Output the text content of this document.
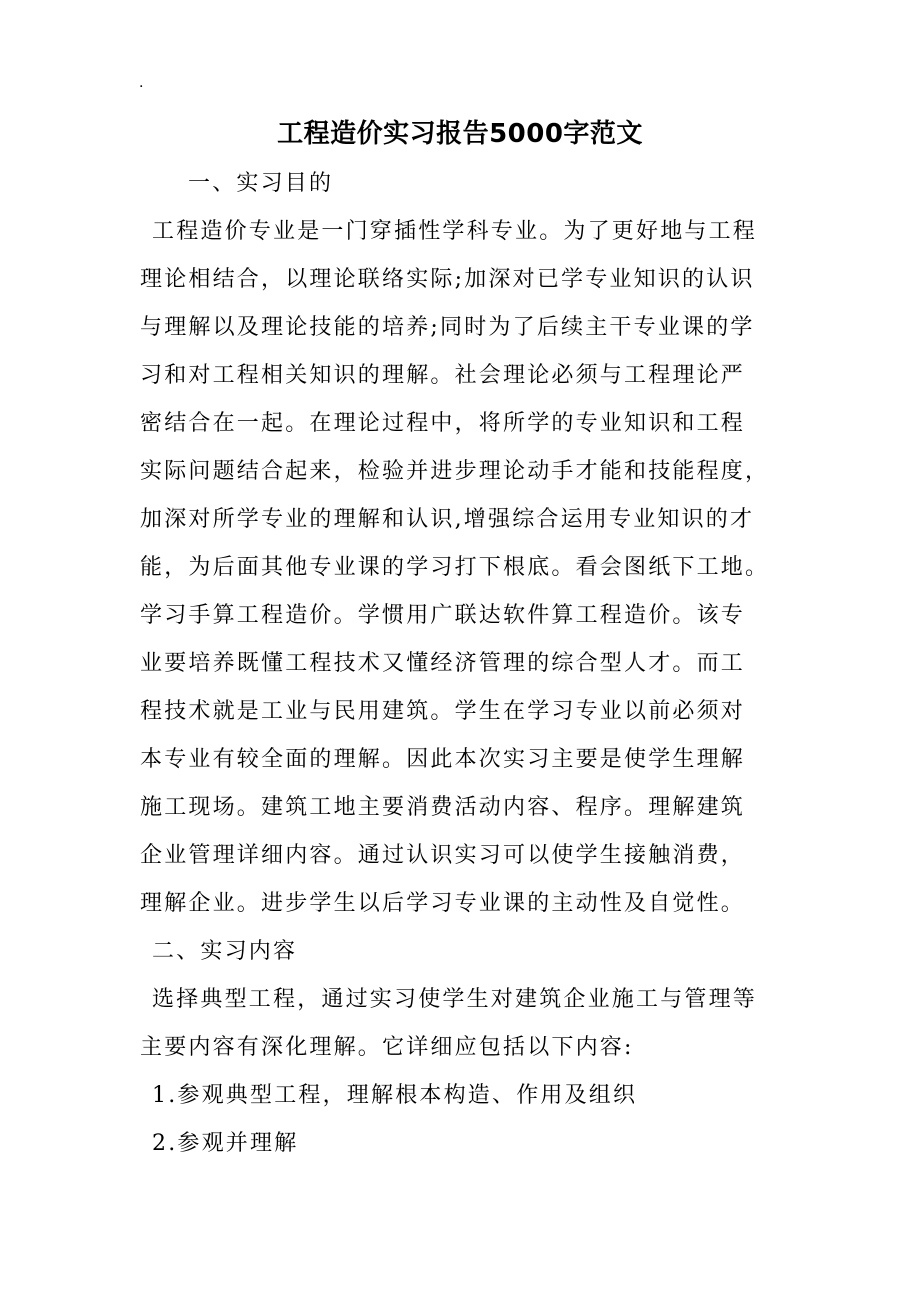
.
工程造价实习报告5000字范文
一、实习目的
工程造价专业是一门穿插性学科专业。为了更好地与工程
理论相结合，以理论联络实际;加深对已学专业知识的认识
与理解以及理论技能的培养;同时为了后续主干专业课的学
习和对工程相关知识的理解。社会理论必须与工程理论严
密结合在一起。在理论过程中，将所学的专业知识和工程
实际问题结合起来，检验并进步理论动手才能和技能程度，
加深对所学专业的理解和认识,增强综合运用专业知识的才
能，为后面其他专业课的学习打下根底。看会图纸下工地。
学习手算工程造价。学惯用广联达软件算工程造价。该专
业要培养既懂工程技术又懂经济管理的综合型人才。而工
程技术就是工业与民用建筑。学生在学习专业以前必须对
本专业有较全面的理解。因此本次实习主要是使学生理解
施工现场。建筑工地主要消费活动内容、程序。理解建筑
企业管理详细内容。通过认识实习可以使学生接触消费，
理解企业。进步学生以后学习专业课的主动性及自觉性。
二、实习内容
选择典型工程，通过实习使学生对建筑企业施工与管理等
主要内容有深化理解。它详细应包括以下内容:
1.参观典型工程，理解根本构造、作用及组织
2.参观并理解
